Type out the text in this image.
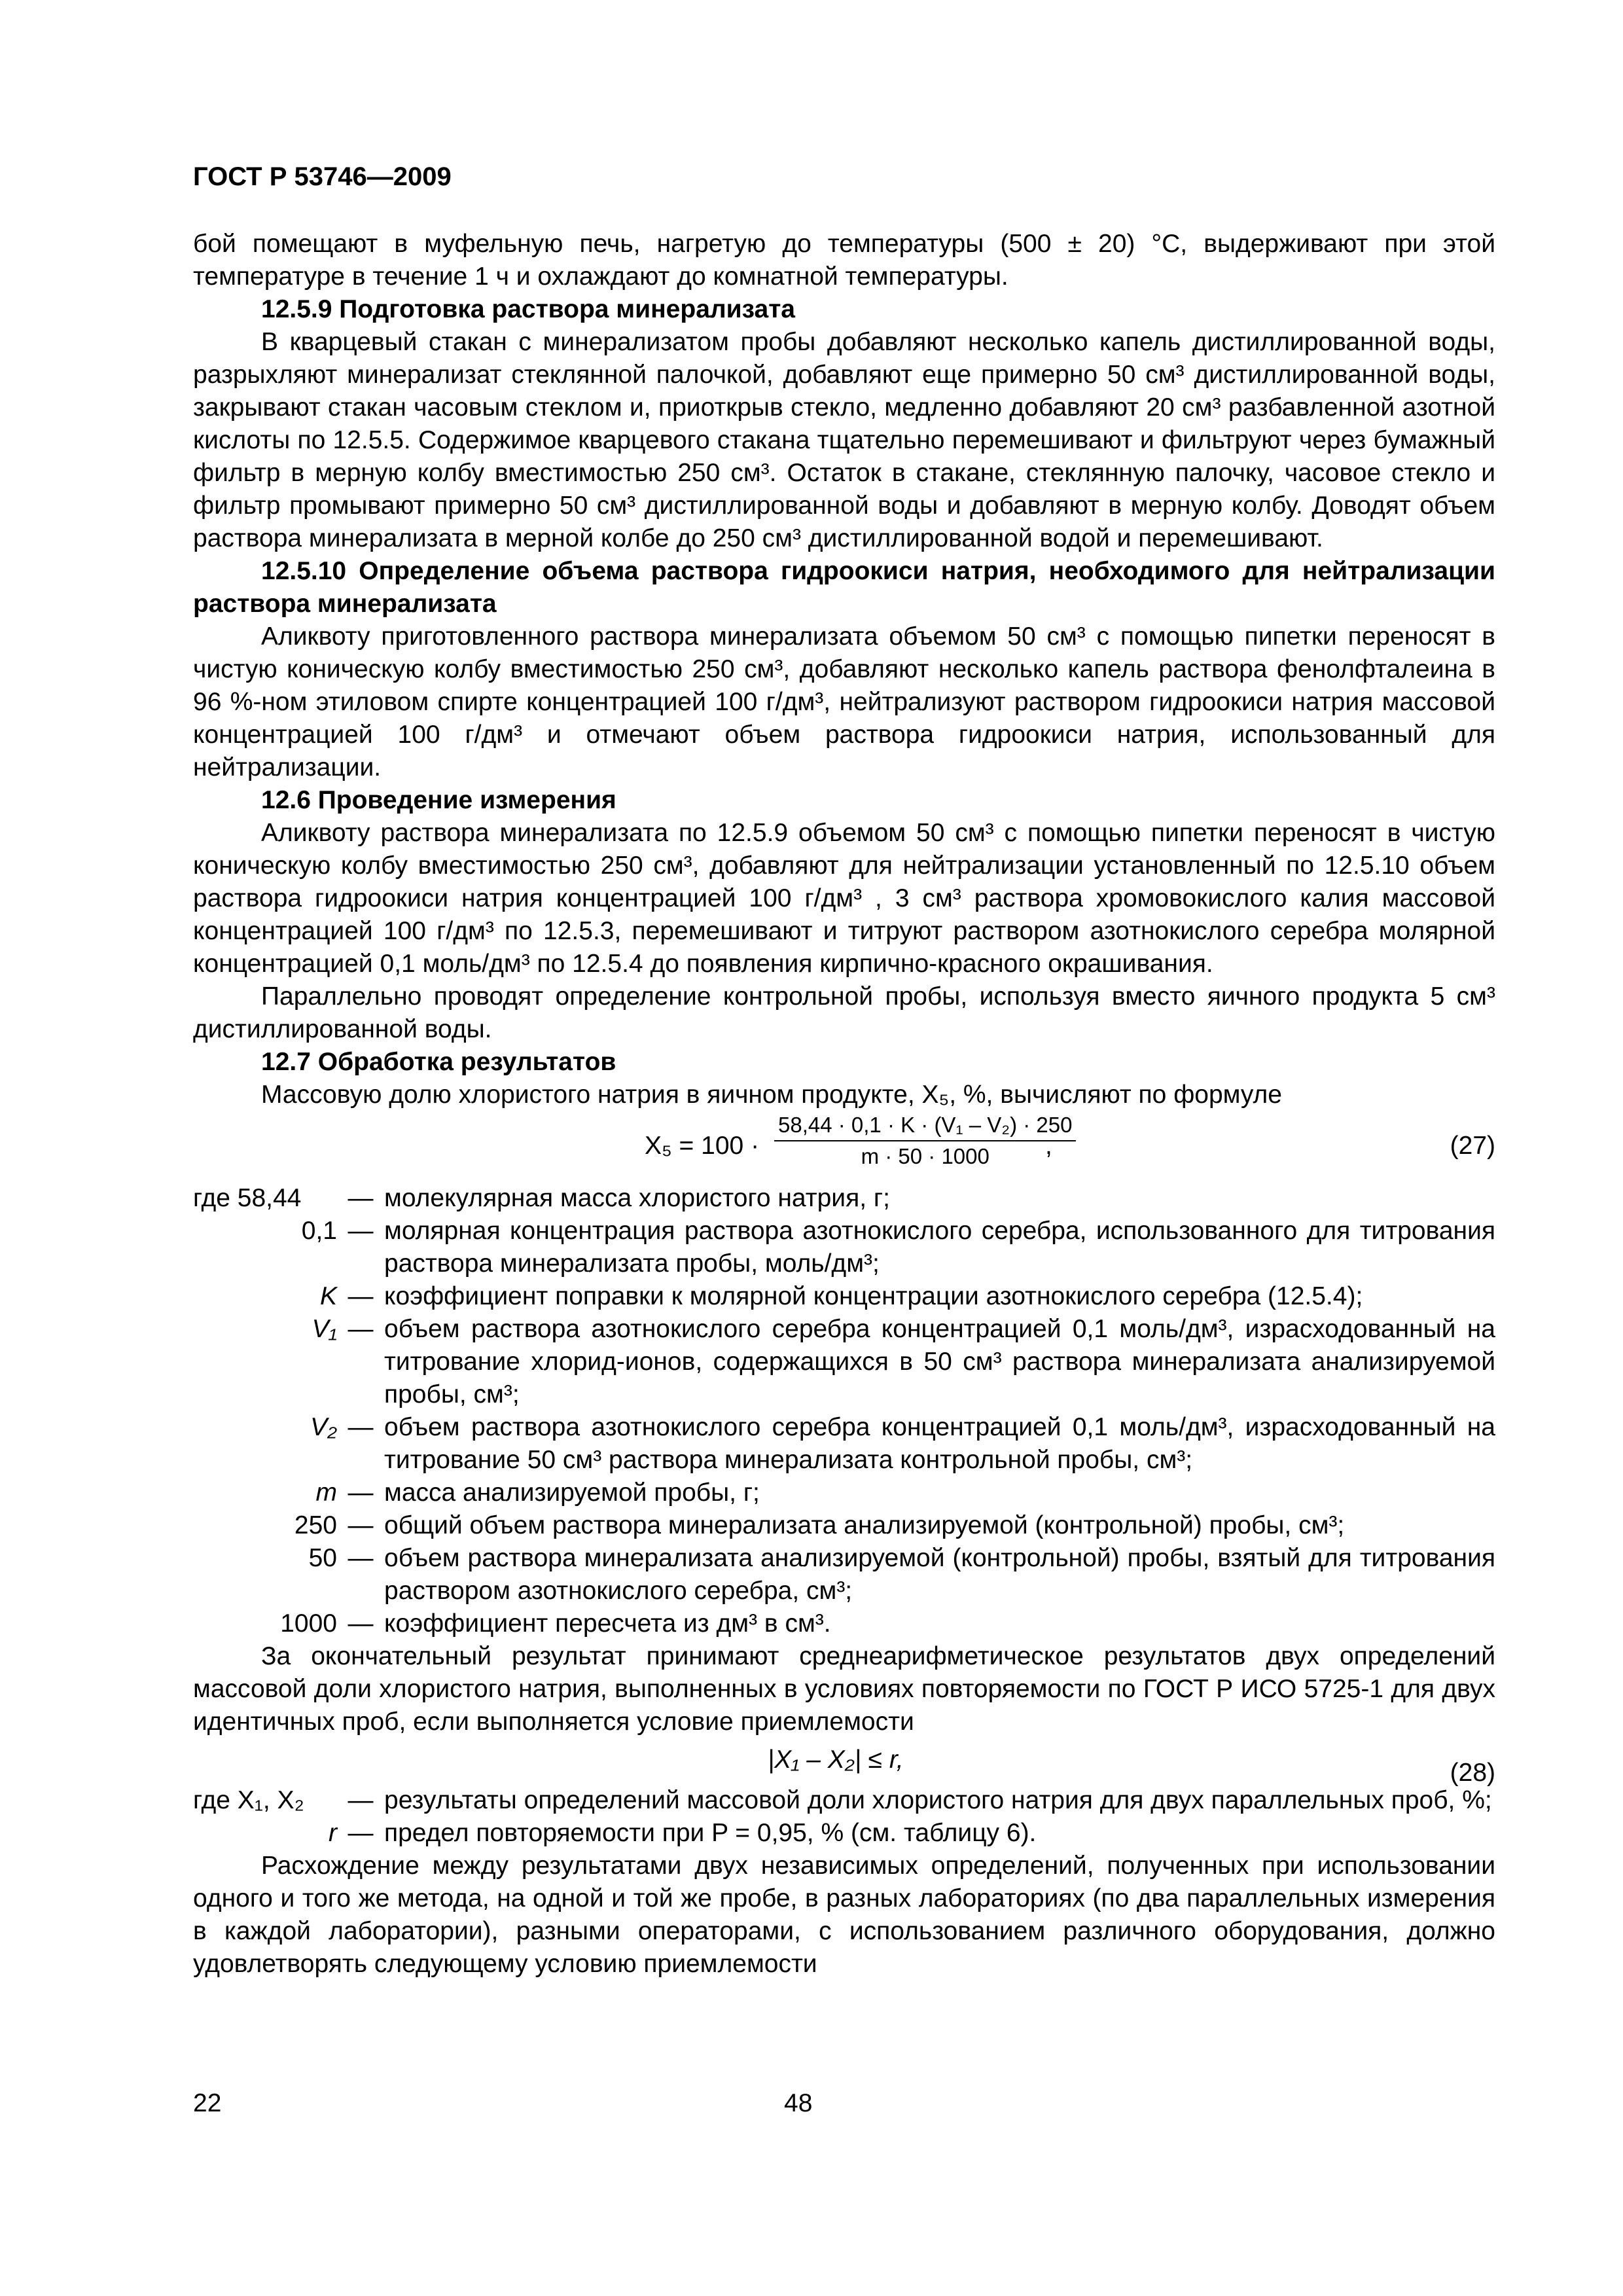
ГОСТ Р 53746—2009

бой помещают в муфельную печь, нагретую до температуры (500 ± 20) °С, выдерживают при этой температуре в течение 1 ч и охлаждают до комнатной температуры.

12.5.9 Подготовка раствора минерализата

В кварцевый стакан с минерализатом пробы добавляют несколько капель дистиллированной воды, разрыхляют минерализат стеклянной палочкой, добавляют еще примерно 50 см³ дистиллированной воды, закрывают стакан часовым стеклом и, приоткрыв стекло, медленно добавляют 20 см³ разбавленной азотной кислоты по 12.5.5. Содержимое кварцевого стакана тщательно перемешивают и фильтруют через бумажный фильтр в мерную колбу вместимостью 250 см³. Остаток в стакане, стеклянную палочку, часовое стекло и фильтр промывают примерно 50 см³ дистиллированной воды и добавляют в мерную колбу. Доводят объем раствора минерализата в мерной колбе до 250 см³ дистиллированной водой и перемешивают.

12.5.10 Определение объема раствора гидроокиси натрия, необходимого для нейтрализации раствора минерализата

Аликвоту приготовленного раствора минерализата объемом 50 см³ с помощью пипетки переносят в чистую коническую колбу вместимостью 250 см³, добавляют несколько капель раствора фенолфталеина в 96 %-ном этиловом спирте концентрацией 100 г/дм³, нейтрализуют раствором гидроокиси натрия массовой концентрацией 100 г/дм³ и отмечают объем раствора гидроокиси натрия, использованный для нейтрализации.

12.6 Проведение измерения

Аликвоту раствора минерализата по 12.5.9 объемом 50 см³ с помощью пипетки переносят в чистую коническую колбу вместимостью 250 см³, добавляют для нейтрализации установленный по 12.5.10 объем раствора гидроокиси натрия концентрацией 100 г/дм³ , 3 см³ раствора хромовокислого калия массовой концентрацией 100 г/дм³ по 12.5.3, перемешивают и титруют раствором азотнокислого серебра молярной концентрацией 0,1 моль/дм³ по 12.5.4 до появления кирпично-красного окрашивания.

Параллельно проводят определение контрольной пробы, используя вместо яичного продукта 5 см³ дистиллированной воды.

12.7 Обработка результатов

Массовую долю хлористого натрия в яичном продукте, X₅, %, вычисляют по формуле

$X_5 = 100 \cdot \frac{\text{58,44 · 0,1 · K · (V₁ – V₂) · 250}}{m \cdot 50 \cdot 1000}$
,	(27)
где 58,44	— молекулярная масса хлористого натрия, г;
0,1 — молярная концентрация раствора азотнокислого серебра, использованного для титрования раствора минерализата пробы, моль/дм³;
K — коэффициент поправки к молярной концентрации азотнокислого серебра (12.5.4);
V₁ — объем раствора азотнокислого серебра концентрацией 0,1 моль/дм³, израсходованный на титрование хлорид-ионов, содержащихся в 50 см³ раствора минерализата анализируемой пробы, см³;
V₂ — объем раствора азотнокислого серебра концентрацией 0,1 моль/дм³, израсходованный на титрование 50 см³ раствора минерализата контрольной пробы, см³;
m — масса анализируемой пробы, г;
250 — общий объем раствора минерализата анализируемой (контрольной) пробы, см³;
50 — объем раствора минерализата анализируемой (контрольной) пробы, взятый для титрования раствором азотнокислого серебра, см³;
1000 — коэффициент пересчета из дм³ в см³.

За окончательный результат принимают среднеарифметическое результатов двух определений массовой доли хлористого натрия, выполненных в условиях повторяемости по ГОСТ Р ИСО 5725-1 для двух идентичных проб, если выполняется условие приемлемости

|X₁ – X₂| ≤ r,	(28)
где X₁, X₂	— результаты определений массовой доли хлористого натрия для двух параллельных проб, %;
r — предел повторяемости при P = 0,95, % (см. таблицу 6).

Расхождение между результатами двух независимых определений, полученных при использовании одного и того же метода, на одной и той же пробе, в разных лабораториях (по два параллельных измерения в каждой лаборатории), разными операторами, с использованием различного оборудования, должно удовлетворять следующему условию приемлемости

22	48
